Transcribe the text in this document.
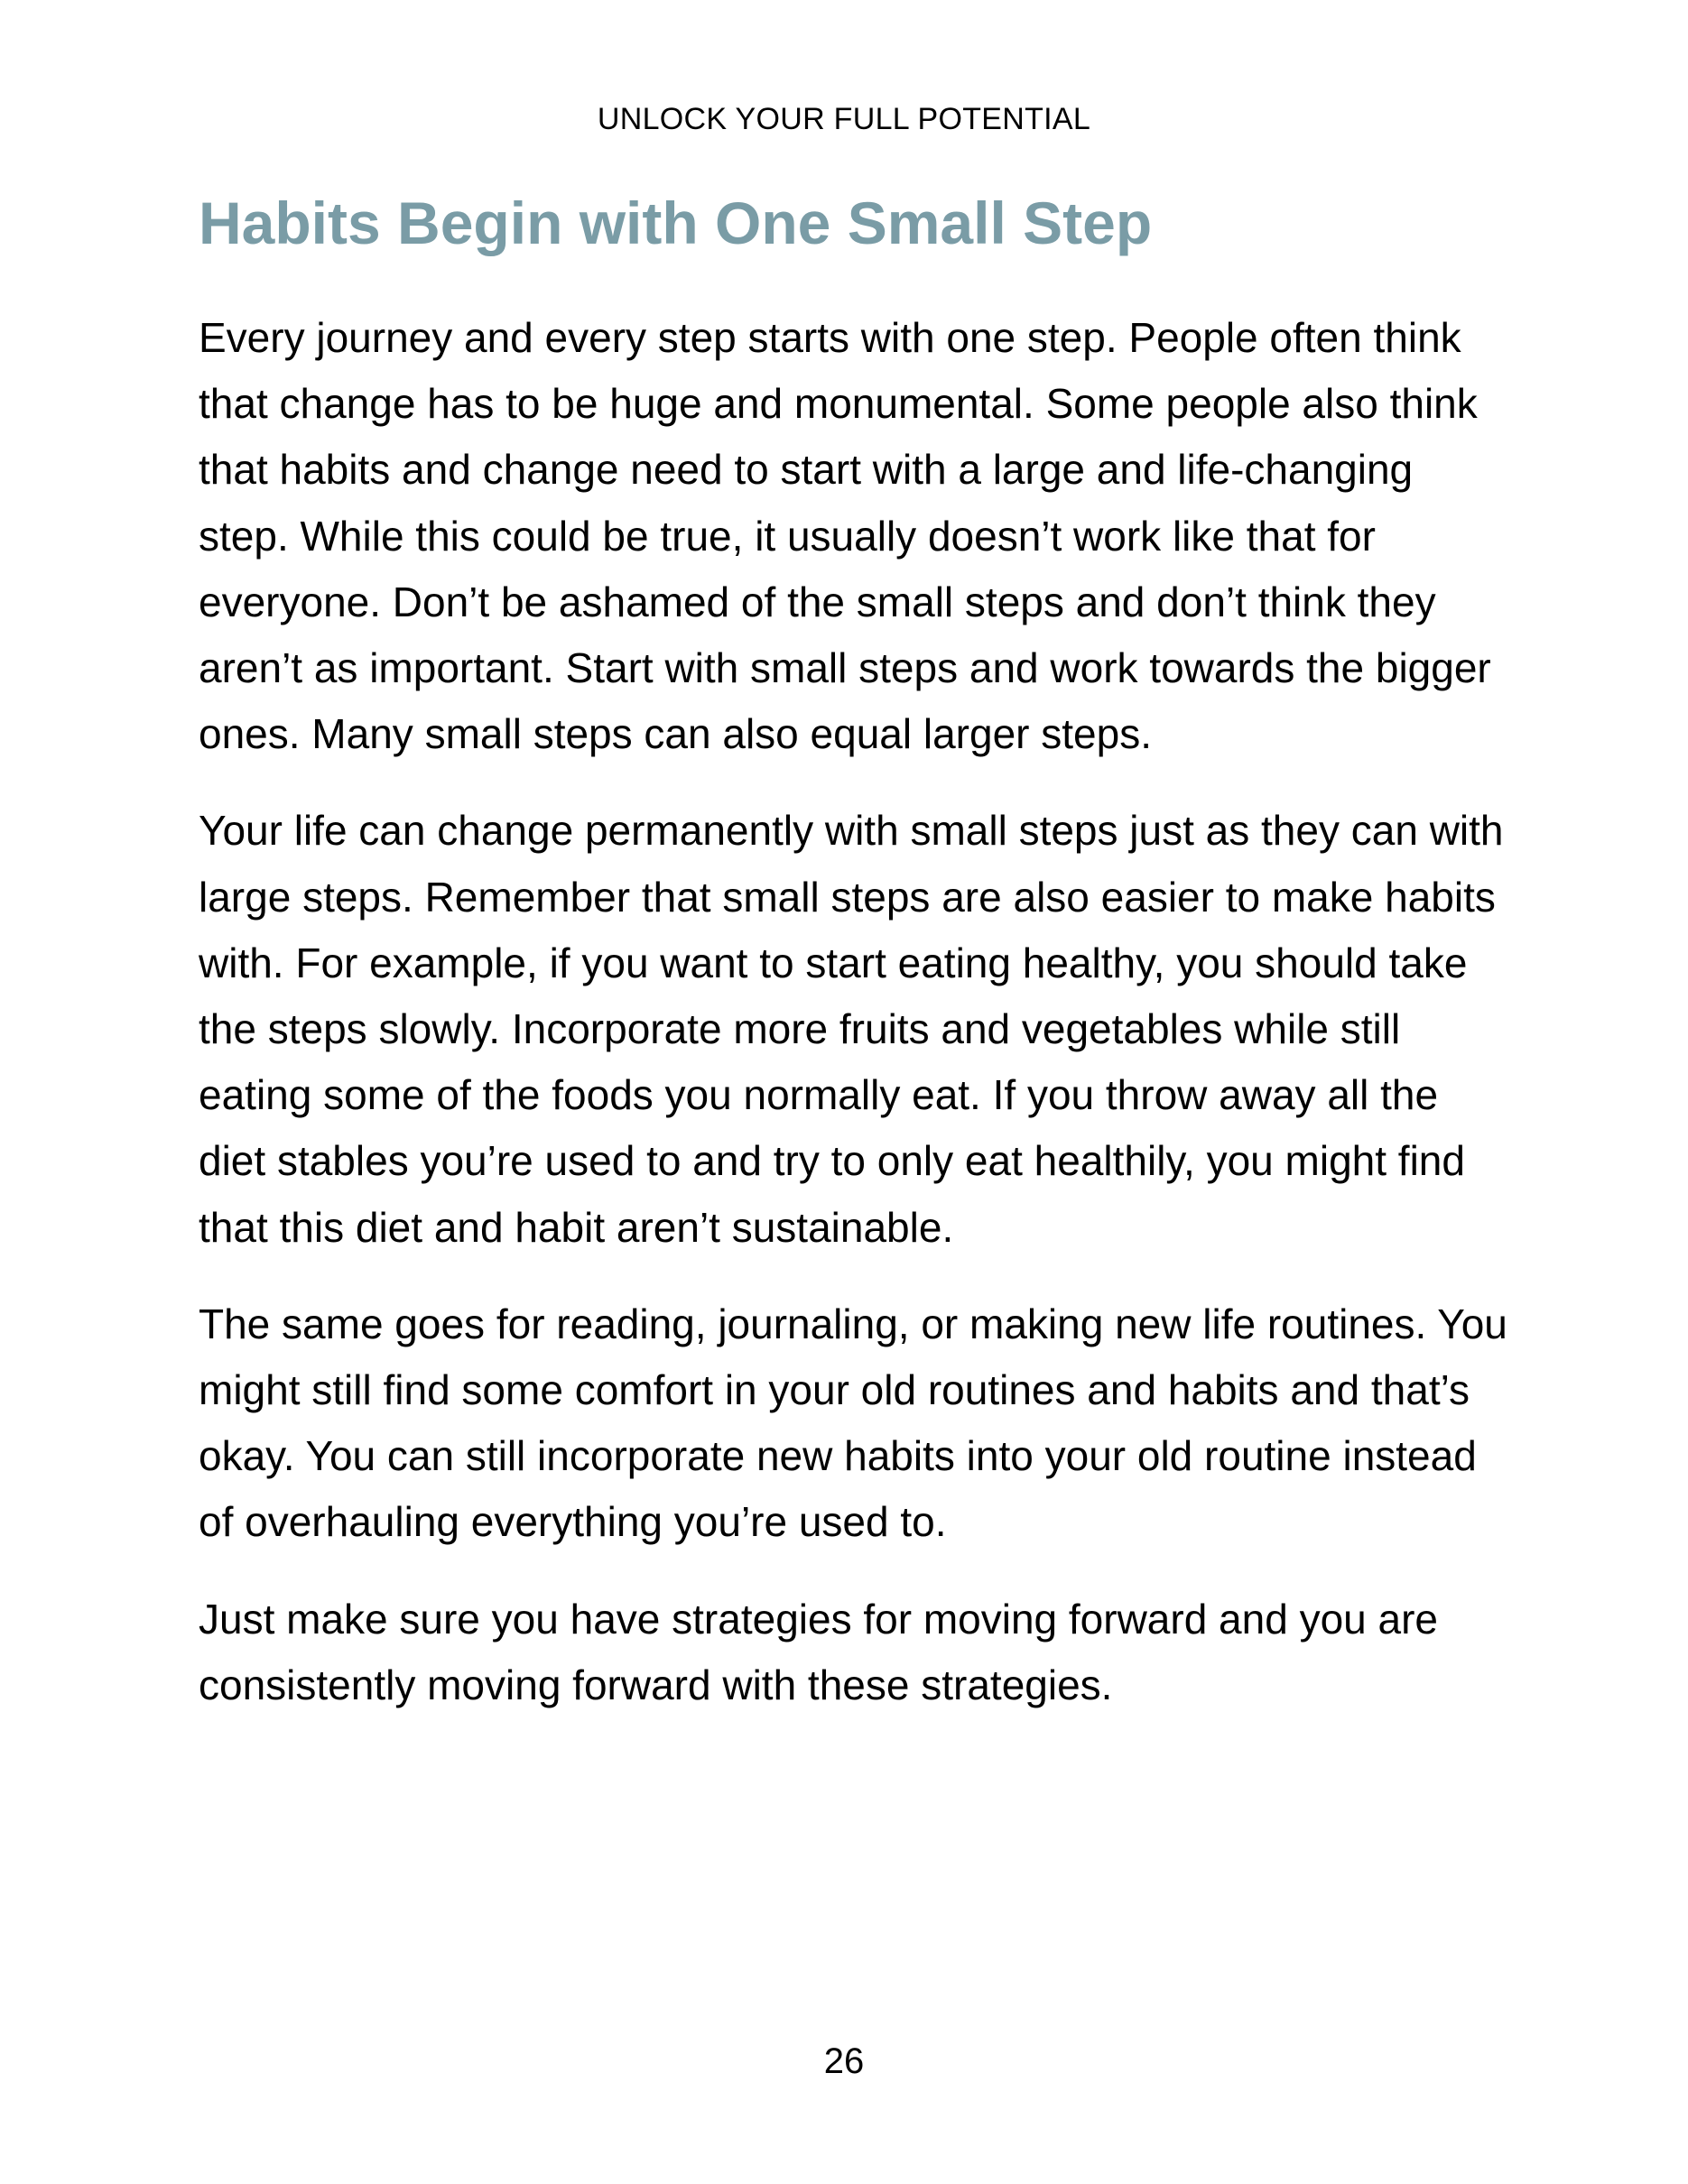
UNLOCK YOUR FULL POTENTIAL
Habits Begin with One Small Step

Every journey and every step starts with one step. People often think that change has to be huge and monumental. Some people also think that habits and change need to start with a large and life-changing step. While this could be true, it usually doesn’t work like that for everyone. Don’t be ashamed of the small steps and don’t think they aren’t as important. Start with small steps and work towards the bigger ones. Many small steps can also equal larger steps.

Your life can change permanently with small steps just as they can with large steps. Remember that small steps are also easier to make habits with. For example, if you want to start eating healthy, you should take the steps slowly. Incorporate more fruits and vegetables while still eating some of the foods you normally eat. If you throw away all the diet stables you’re used to and try to only eat healthily, you might find that this diet and habit aren’t sustainable.

The same goes for reading, journaling, or making new life routines. You might still find some comfort in your old routines and habits and that’s okay. You can still incorporate new habits into your old routine instead of overhauling everything you’re used to.

Just make sure you have strategies for moving forward and you are consistently moving forward with these strategies.

26
